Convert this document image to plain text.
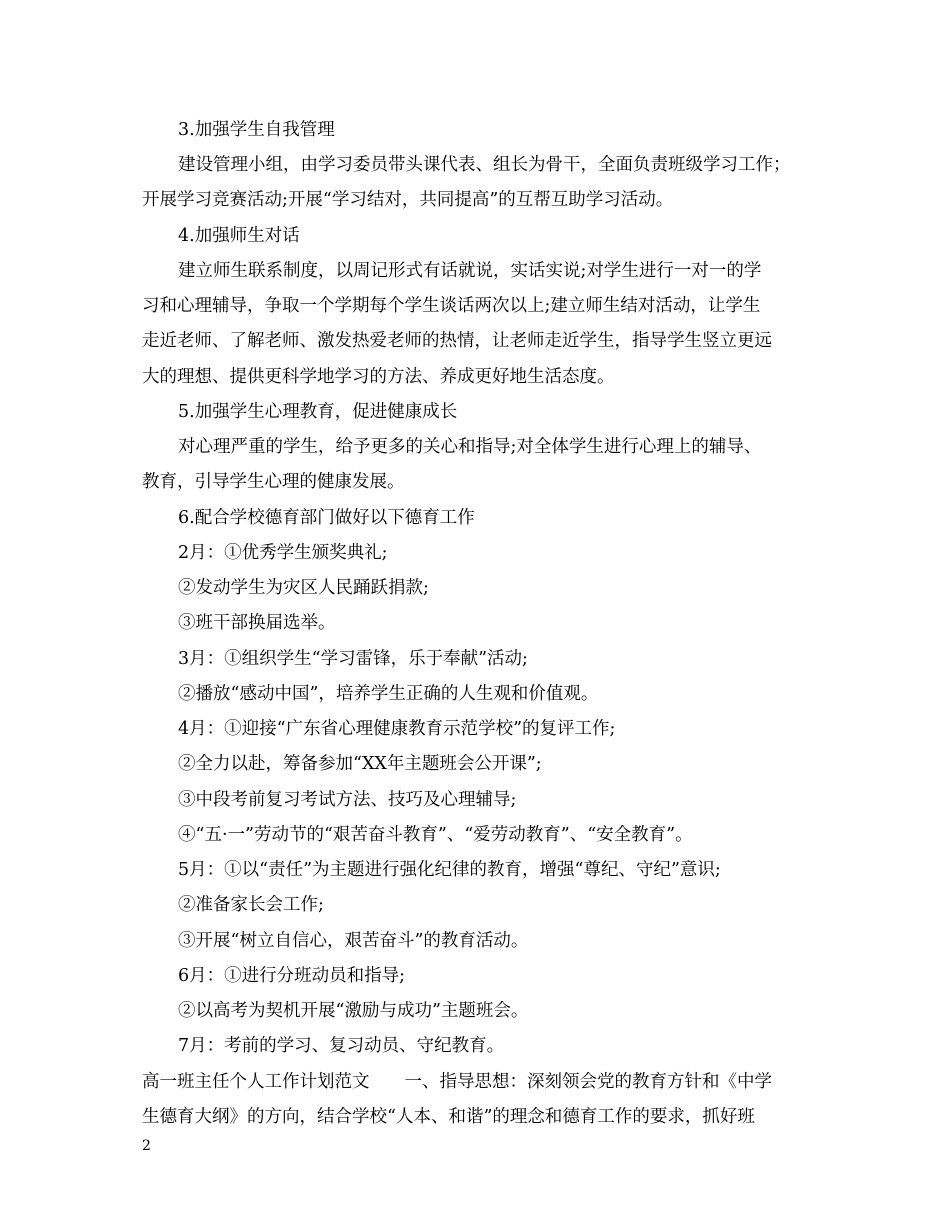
3.加强学生自我管理
建设管理小组，由学习委员带头课代表、组长为骨干，全面负责班级学习工作；
开展学习竞赛活动;开展“学习结对，共同提高”的互帮互助学习活动。
4.加强师生对话
建立师生联系制度，以周记形式有话就说，实话实说;对学生进行一对一的学
习和心理辅导，争取一个学期每个学生谈话两次以上;建立师生结对活动，让学生
走近老师、了解老师、激发热爱老师的热情，让老师走近学生，指导学生竖立更远
大的理想、提供更科学地学习的方法、养成更好地生活态度。
5.加强学生心理教育，促进健康成长
对心理严重的学生，给予更多的关心和指导;对全体学生进行心理上的辅导、
教育，引导学生心理的健康发展。
6.配合学校德育部门做好以下德育工作
2月：①优秀学生颁奖典礼;
②发动学生为灾区人民踊跃捐款;
③班干部换届选举。
3月：①组织学生“学习雷锋，乐于奉献”活动;
②播放“感动中国”，培养学生正确的人生观和价值观。
4月：①迎接“广东省心理健康教育示范学校”的复评工作;
②全力以赴，筹备参加“XX年主题班会公开课”;
③中段考前复习考试方法、技巧及心理辅导;
④“五·一”劳动节的“艰苦奋斗教育”、“爱劳动教育”、“安全教育”。
5月：①以“责任”为主题进行强化纪律的教育，增强“尊纪、守纪”意识;
②准备家长会工作;
③开展“树立自信心，艰苦奋斗”的教育活动。
6月：①进行分班动员和指导;
②以高考为契机开展“激励与成功”主题班会。
7月：考前的学习、复习动员、守纪教育。
高一班主任个人工作计划范文　　一、指导思想：深刻领会党的教育方针和《中学
生德育大纲》的方向，结合学校“人本、和谐”的理念和德育工作的要求，抓好班
2
